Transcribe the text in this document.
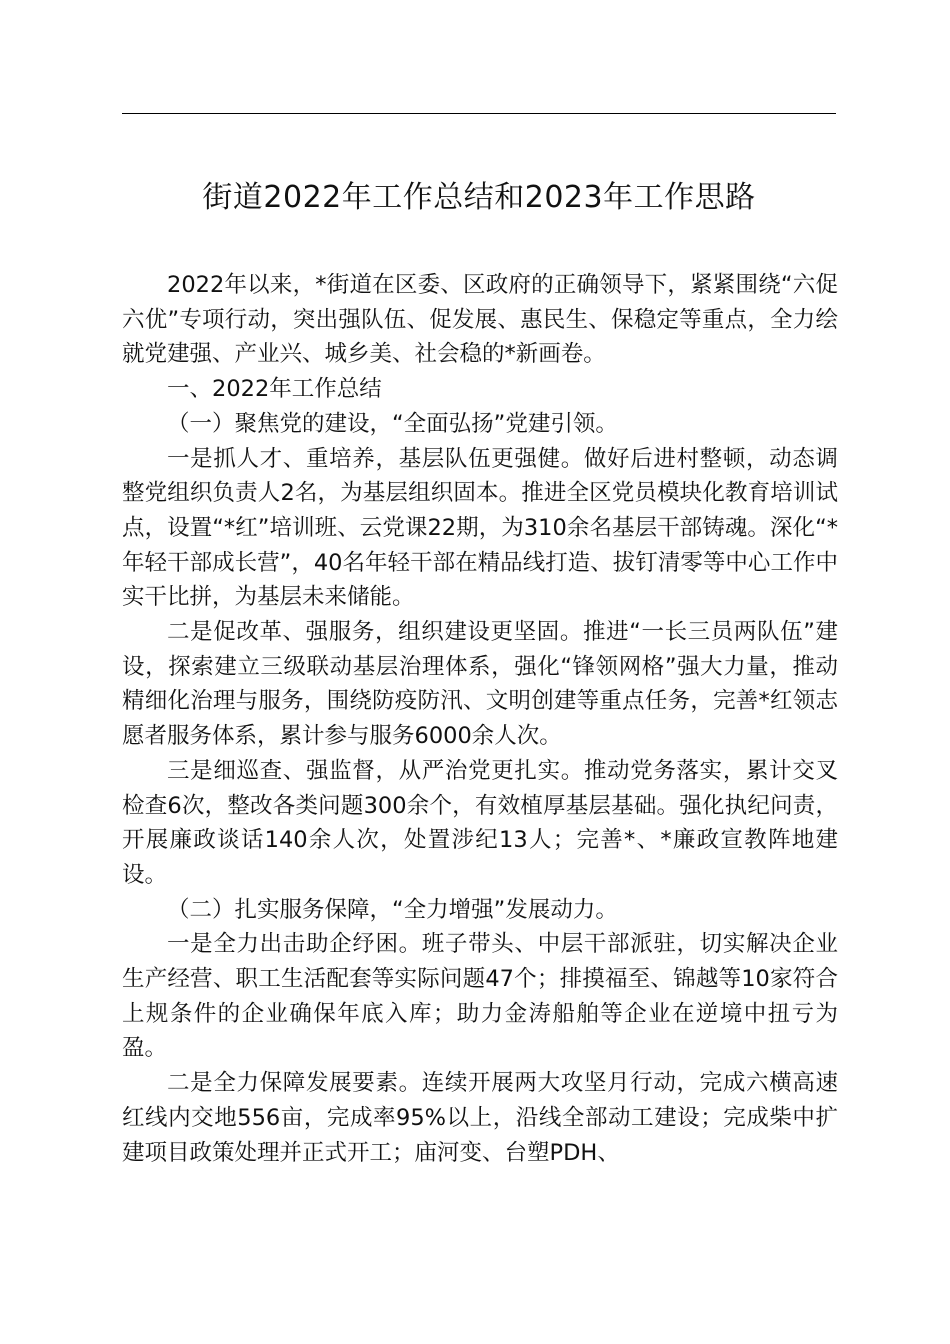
街道2022年工作总结和2023年工作思路

2022年以来，*街道在区委、区政府的正确领导下，紧紧围绕“六促六优”专项行动，突出强队伍、促发展、惠民生、保稳定等重点，全力绘就党建强、产业兴、城乡美、社会稳的*新画卷。

一、2022年工作总结

（一）聚焦党的建设，“全面弘扬”党建引领。

一是抓人才、重培养，基层队伍更强健。做好后进村整顿，动态调整党组织负责人2名，为基层组织固本。推进全区党员模块化教育培训试点，设置“*红”培训班、云党课22期，为310余名基层干部铸魂。深化“*年轻干部成长营”，40名年轻干部在精品线打造、拔钉清零等中心工作中实干比拼，为基层未来储能。

二是促改革、强服务，组织建设更坚固。推进“一长三员两队伍”建设，探索建立三级联动基层治理体系，强化“锋领网格”强大力量，推动精细化治理与服务，围绕防疫防汛、文明创建等重点任务，完善*红领志愿者服务体系，累计参与服务6000余人次。

三是细巡查、强监督，从严治党更扎实。推动党务落实，累计交叉检查6次，整改各类问题300余个，有效植厚基层基础。强化执纪问责，开展廉政谈话140余人次，处置涉纪13人；完善*、*廉政宣教阵地建设。

（二）扎实服务保障，“全力增强”发展动力。

一是全力出击助企纾困。班子带头、中层干部派驻，切实解决企业生产经营、职工生活配套等实际问题47个；排摸福至、锦越等10家符合上规条件的企业确保年底入库；助力金涛船舶等企业在逆境中扭亏为盈。

二是全力保障发展要素。连续开展两大攻坚月行动，完成六横高速红线内交地556亩，完成率95%以上，沿线全部动工建设；完成柴中扩建项目政策处理并正式开工；庙河变、台塑PDH、
